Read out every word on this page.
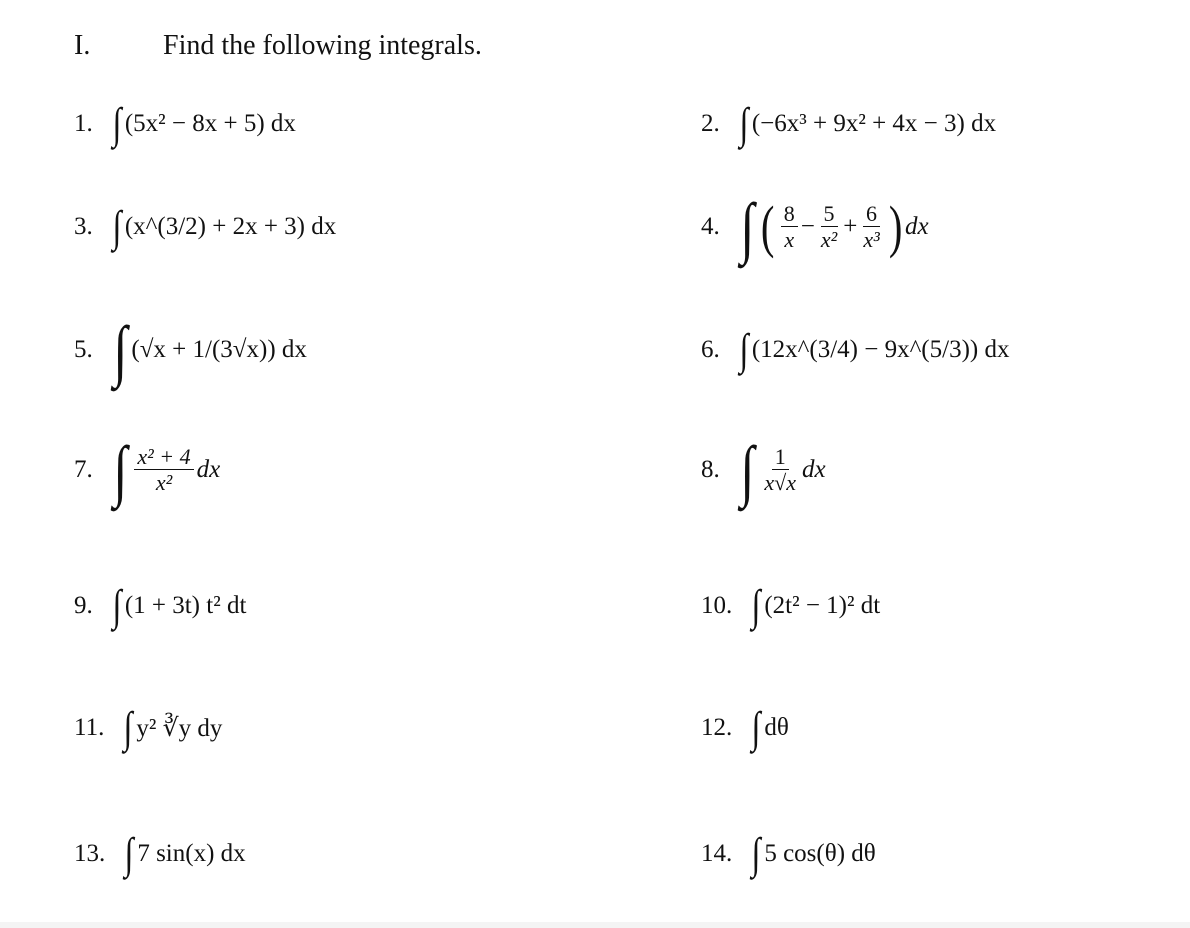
I.	Find the following integrals.
1. ∫ (5x² − 8x + 5) dx	2. ∫ (−6x³ + 9x² + 4x − 3) dx
3. ∫ (x^(3/2) + 2x + 3) dx	4. ∫ ( $\frac{8}{x} - \frac{5}{\text{x²}} + \frac{6}{\text{x³}}$ ) dx
5. ∫ (√x + 1/(3√x)) dx	6. ∫ (12x^(3/4) − 9x^(5/3)) dx
7. ∫ $\frac{\text{x² + 4}}{\text{x²}}$ dx	8. ∫ $\frac{1}{x√x}$ dx
9. ∫ (1 + 3t) t² dt	10. ∫ (2t² − 1)² dt
11. ∫ y² ∛y dy	12. ∫ dθ
13. ∫ 7 sin(x) dx	14. ∫ 5 cos(θ) dθ
